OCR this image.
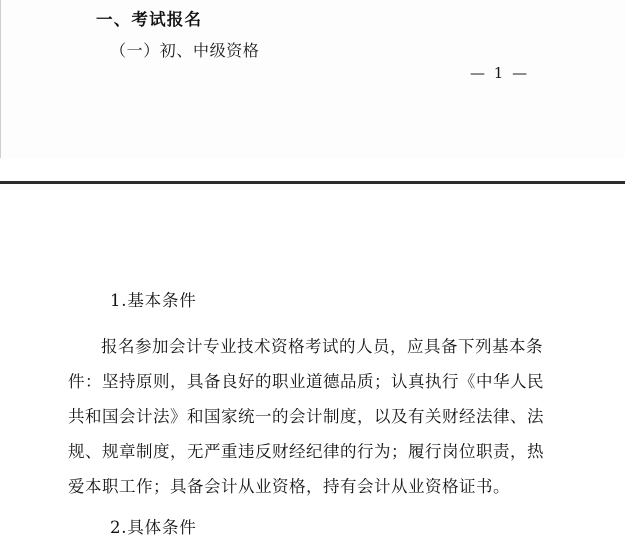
一、考试报名
（一）初、中级资格
— 1 —
1.基本条件
报名参加会计专业技术资格考试的人员，应具备下列基本条
件：坚持原则，具备良好的职业道德品质；认真执行《中华人民
共和国会计法》和国家统一的会计制度，以及有关财经法律、法
规、规章制度，无严重违反财经纪律的行为；履行岗位职责，热
爱本职工作；具备会计从业资格，持有会计从业资格证书。
2.具体条件
